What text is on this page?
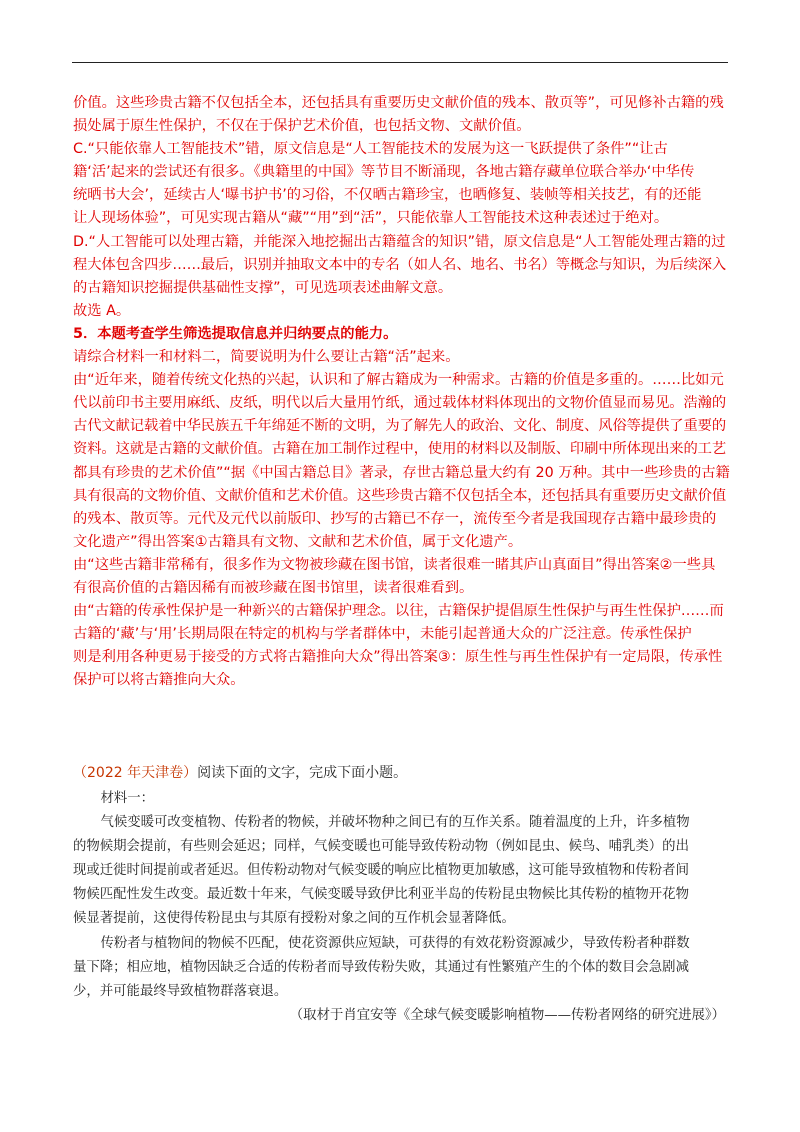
价值。这些珍贵古籍不仅包括全本，还包括具有重要历史文献价值的残本、散页等”，可见修补古籍的残

损处属于原生性保护，不仅在于保护艺术价值，也包括文物、文献价值。

C.“只能依靠人工智能技术”错，原文信息是“人工智能技术的发展为这一飞跃提供了条件”“让古

籍‘活’起来的尝试还有很多。《典籍里的中国》等节目不断涌现，各地古籍存藏单位联合举办‘中华传

统晒书大会’，延续古人‘曝书护书’的习俗，不仅晒古籍珍宝，也晒修复、装帧等相关技艺，有的还能

让人现场体验”，可见实现古籍从“藏”“用”到“活”，只能依靠人工智能技术这种表述过于绝对。

D.“人工智能可以处理古籍，并能深入地挖掘出古籍蕴含的知识”错，原文信息是“人工智能处理古籍的过

程大体包含四步……最后，识别并抽取文本中的专名（如人名、地名、书名）等概念与知识，为后续深入

的古籍知识挖掘提供基础性支撑”，可见选项表述曲解文意。

故选 A。

5．本题考查学生筛选提取信息并归纳要点的能力。

请综合材料一和材料二，简要说明为什么要让古籍“活”起来。

由“近年来，随着传统文化热的兴起，认识和了解古籍成为一种需求。古籍的价值是多重的。……比如元

代以前印书主要用麻纸、皮纸，明代以后大量用竹纸，通过载体材料体现出的文物价值显而易见。浩瀚的

古代文献记载着中华民族五千年绵延不断的文明，为了解先人的政治、文化、制度、风俗等提供了重要的

资料。这就是古籍的文献价值。古籍在加工制作过程中，使用的材料以及制版、印刷中所体现出来的工艺

都具有珍贵的艺术价值”“据《中国古籍总目》著录，存世古籍总量大约有 20 万种。其中一些珍贵的古籍

具有很高的文物价值、文献价值和艺术价值。这些珍贵古籍不仅包括全本，还包括具有重要历史文献价值

的残本、散页等。元代及元代以前版印、抄写的古籍已不存一，流传至今者是我国现存古籍中最珍贵的

文化遗产”得出答案①古籍具有文物、文献和艺术价值，属于文化遗产。

由“这些古籍非常稀有，很多作为文物被珍藏在图书馆，读者很难一睹其庐山真面目”得出答案②一些具

有很高价值的古籍因稀有而被珍藏在图书馆里，读者很难看到。

由“古籍的传承性保护是一种新兴的古籍保护理念。以往，古籍保护提倡原生性保护与再生性保护……而

古籍的‘藏’与‘用’长期局限在特定的机构与学者群体中，未能引起普通大众的广泛注意。传承性保护

则是利用各种更易于接受的方式将古籍推向大众”得出答案③：原生性与再生性保护有一定局限，传承性

保护可以将古籍推向大众。

（2022 年天津卷）阅读下面的文字，完成下面小题。

材料一：

气候变暖可改变植物、传粉者的物候，并破坏物种之间已有的互作关系。随着温度的上升，许多植物

的物候期会提前，有些则会延迟；同样，气候变暖也可能导致传粉动物（例如昆虫、候鸟、哺乳类）的出

现或迁徙时间提前或者延迟。但传粉动物对气候变暖的响应比植物更加敏感，这可能导致植物和传粉者间

物候匹配性发生改变。最近数十年来，气候变暖导致伊比利亚半岛的传粉昆虫物候比其传粉的植物开花物

候显著提前，这使得传粉昆虫与其原有授粉对象之间的互作机会显著降低。

传粉者与植物间的物候不匹配，使花资源供应短缺，可获得的有效花粉资源减少，导致传粉者种群数

量下降；相应地，植物因缺乏合适的传粉者而导致传粉失败，其通过有性繁殖产生的个体的数目会急剧减

少，并可能最终导致植物群落衰退。

（取材于肖宜安等《全球气候变暖影响植物——传粉者网络的研究进展》）
